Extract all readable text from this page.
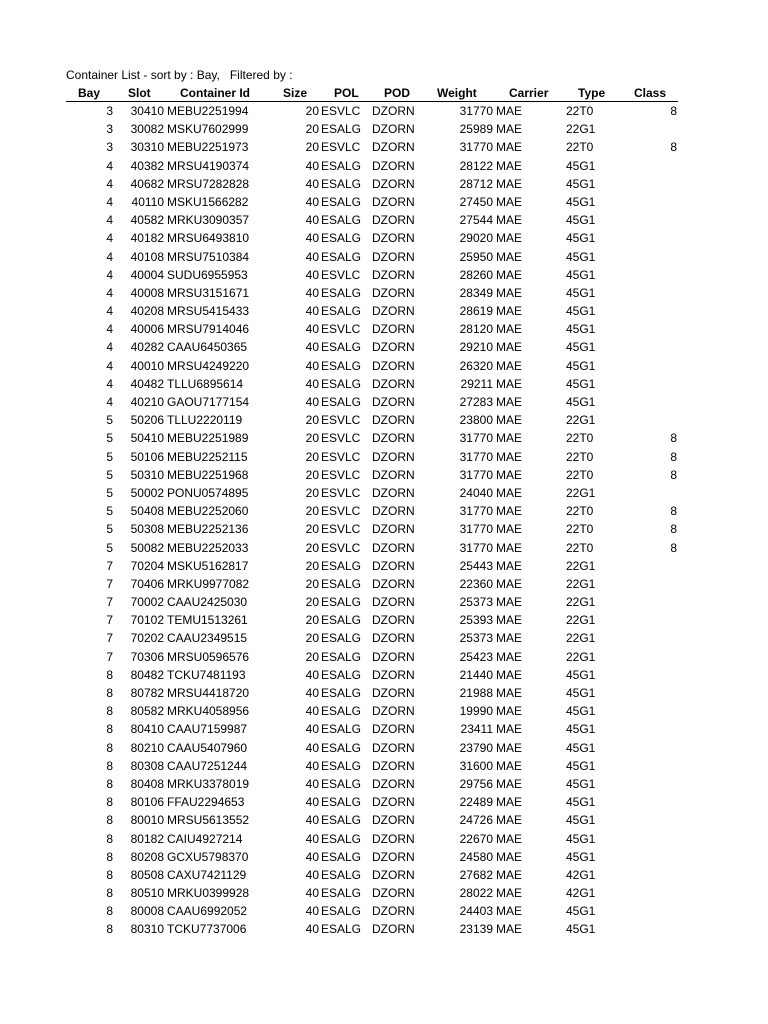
Container List - sort by : Bay,   Filtered by :
Bay Slot Container Id	Size POL POD Weight	Carrier Type Class
3 30410 MEBU2251994	20 ESVLC DZORN	31770 MAE	22T0	8
3 30082 MSKU7602999	20 ESALG DZORN	25989 MAE	22G1
3 30310 MEBU2251973	20 ESVLC DZORN	31770 MAE	22T0	8
4 40382 MRSU4190374	40 ESALG DZORN	28122 MAE	45G1
4 40682 MRSU7282828	40 ESALG DZORN	28712 MAE	45G1
4 40110 MSKU1566282	40 ESALG DZORN	27450 MAE	45G1
4 40582 MRKU3090357	40 ESALG DZORN	27544 MAE	45G1
4 40182 MRSU6493810	40 ESALG DZORN	29020 MAE	45G1
4 40108 MRSU7510384	40 ESALG DZORN	25950 MAE	45G1
4 40004 SUDU6955953	40 ESVLC DZORN	28260 MAE	45G1
4 40008 MRSU3151671	40 ESALG DZORN	28349 MAE	45G1
4 40208 MRSU5415433	40 ESALG DZORN	28619 MAE	45G1
4 40006 MRSU7914046	40 ESVLC DZORN	28120 MAE	45G1
4 40282 CAAU6450365	40 ESALG DZORN	29210 MAE	45G1
4 40010 MRSU4249220	40 ESALG DZORN	26320 MAE	45G1
4 40482 TLLU6895614	40 ESALG DZORN	29211 MAE	45G1
4 40210 GAOU7177154	40 ESALG DZORN	27283 MAE	45G1
5 50206 TLLU2220119	20 ESVLC DZORN	23800 MAE	22G1
5 50410 MEBU2251989	20 ESVLC DZORN	31770 MAE	22T0	8
5 50106 MEBU2252115	20 ESVLC DZORN	31770 MAE	22T0	8
5 50310 MEBU2251968	20 ESVLC DZORN	31770 MAE	22T0	8
5 50002 PONU0574895	20 ESVLC DZORN	24040 MAE	22G1
5 50408 MEBU2252060	20 ESVLC DZORN	31770 MAE	22T0	8
5 50308 MEBU2252136	20 ESVLC DZORN	31770 MAE	22T0	8
5 50082 MEBU2252033	20 ESVLC DZORN	31770 MAE	22T0	8
7 70204 MSKU5162817	20 ESALG DZORN	25443 MAE	22G1
7 70406 MRKU9977082	20 ESALG DZORN	22360 MAE	22G1
7 70002 CAAU2425030	20 ESALG DZORN	25373 MAE	22G1
7 70102 TEMU1513261	20 ESALG DZORN	25393 MAE	22G1
7 70202 CAAU2349515	20 ESALG DZORN	25373 MAE	22G1
7 70306 MRSU0596576	20 ESALG DZORN	25423 MAE	22G1
8 80482 TCKU7481193	40 ESALG DZORN	21440 MAE	45G1
8 80782 MRSU4418720	40 ESALG DZORN	21988 MAE	45G1
8 80582 MRKU4058956	40 ESALG DZORN	19990 MAE	45G1
8 80410 CAAU7159987	40 ESALG DZORN	23411 MAE	45G1
8 80210 CAAU5407960	40 ESALG DZORN	23790 MAE	45G1
8 80308 CAAU7251244	40 ESALG DZORN	31600 MAE	45G1
8 80408 MRKU3378019	40 ESALG DZORN	29756 MAE	45G1
8 80106 FFAU2294653	40 ESALG DZORN	22489 MAE	45G1
8 80010 MRSU5613552	40 ESALG DZORN	24726 MAE	45G1
8 80182 CAIU4927214	40 ESALG DZORN	22670 MAE	45G1
8 80208 GCXU5798370	40 ESALG DZORN	24580 MAE	45G1
8 80508 CAXU7421129	40 ESALG DZORN	27682 MAE	42G1
8 80510 MRKU0399928	40 ESALG DZORN	28022 MAE	42G1
8 80008 CAAU6992052	40 ESALG DZORN	24403 MAE	45G1
8 80310 TCKU7737006	40 ESALG DZORN	23139 MAE	45G1
